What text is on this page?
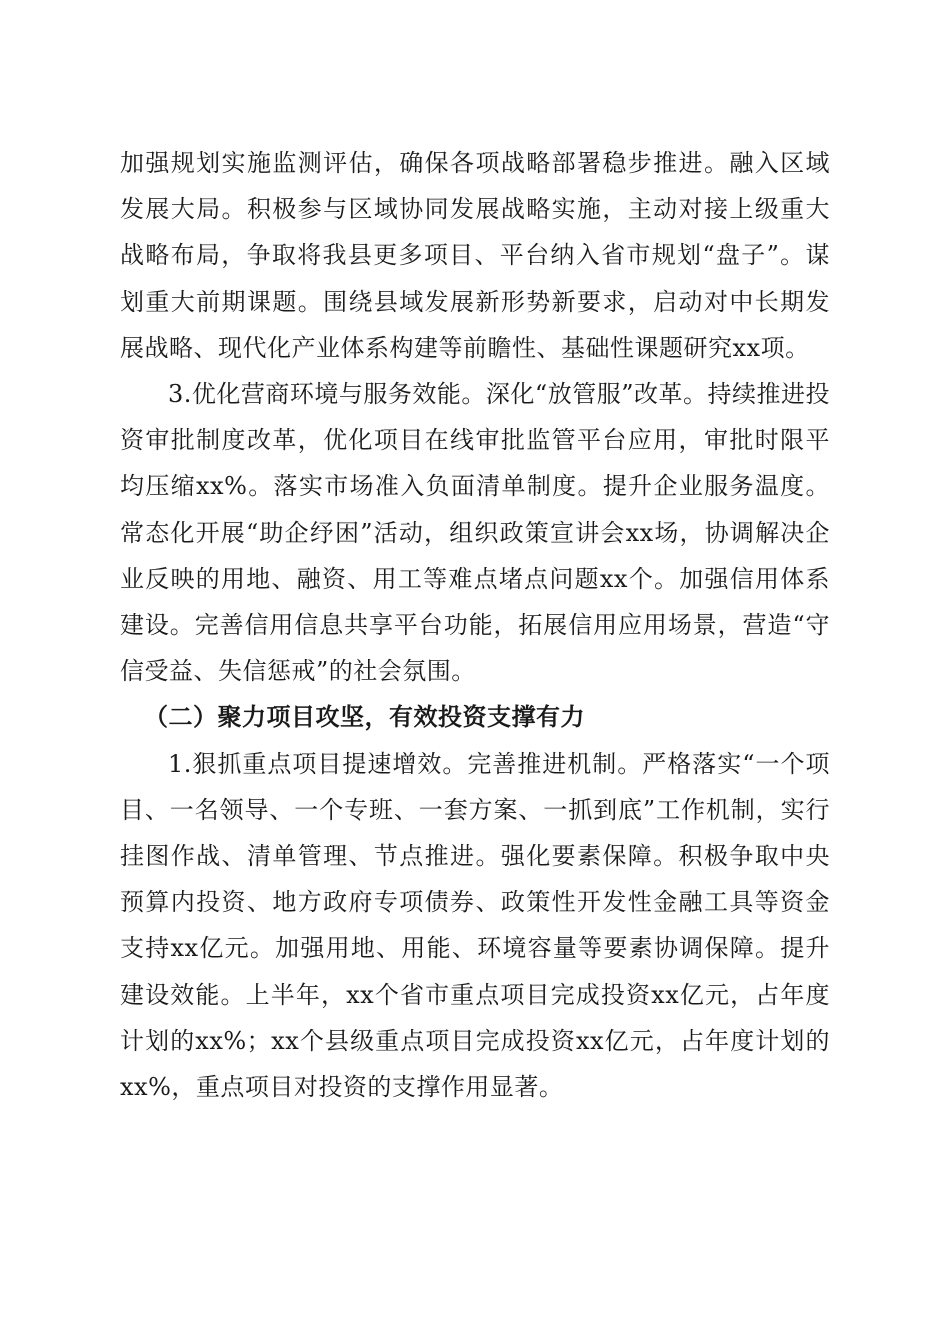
加强规划实施监测评估，确保各项战略部署稳步推进。融入区域发展大局。积极参与区域协同发展战略实施，主动对接上级重大战略布局，争取将我县更多项目、平台纳入省市规划“盘子”。谋划重大前期课题。围绕县域发展新形势新要求，启动对中长期发展战略、现代化产业体系构建等前瞻性、基础性课题研究xx项。

3.优化营商环境与服务效能。深化“放管服”改革。持续推进投资审批制度改革，优化项目在线审批监管平台应用，审批时限平均压缩xx%。落实市场准入负面清单制度。提升企业服务温度。常态化开展“助企纾困”活动，组织政策宣讲会xx场，协调解决企业反映的用地、融资、用工等难点堵点问题xx个。加强信用体系建设。完善信用信息共享平台功能，拓展信用应用场景，营造“守信受益、失信惩戒”的社会氛围。

（二）聚力项目攻坚，有效投资支撑有力

1.狠抓重点项目提速增效。完善推进机制。严格落实“一个项目、一名领导、一个专班、一套方案、一抓到底”工作机制，实行挂图作战、清单管理、节点推进。强化要素保障。积极争取中央预算内投资、地方政府专项债券、政策性开发性金融工具等资金支持xx亿元。加强用地、用能、环境容量等要素协调保障。提升建设效能。上半年，xx个省市重点项目完成投资xx亿元，占年度计划的xx%；xx个县级重点项目完成投资xx亿元，占年度计划的xx%，重点项目对投资的支撑作用显著。
